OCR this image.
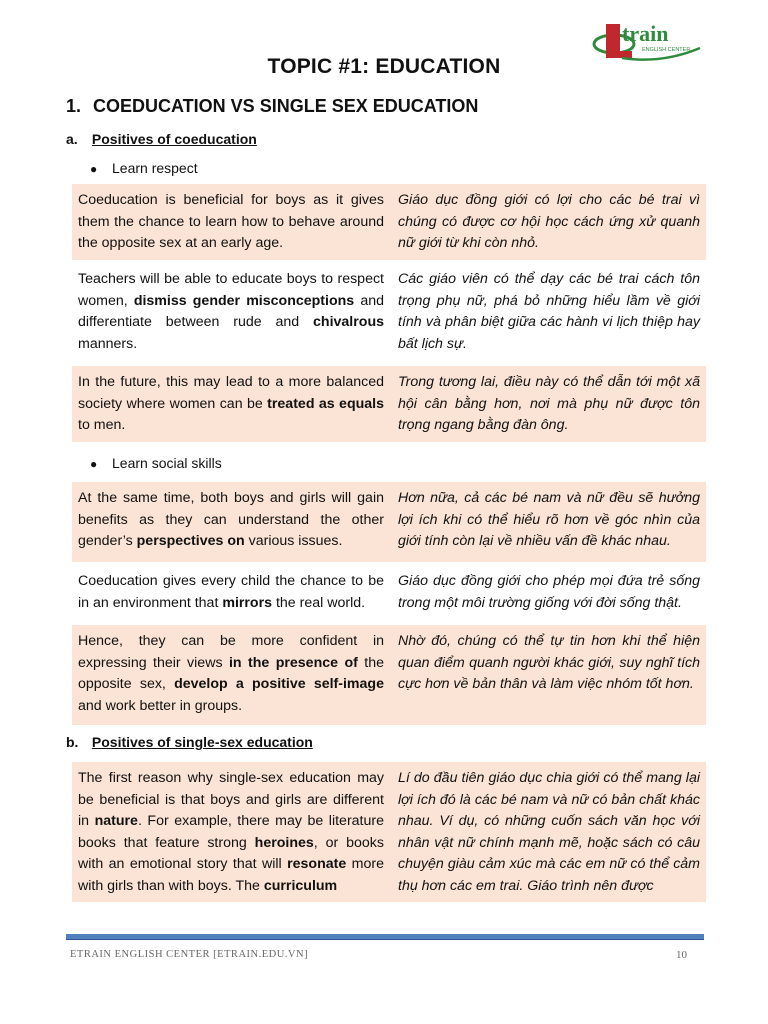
train
ENGLISH CENTER
TOPIC #1: EDUCATION
1. COEDUCATION VS SINGLE SEX EDUCATION
a. Positives of coeducation
● Learn respect
Coeducation is beneficial for boys as it gives them the chance to learn how to behave around the opposite sex at an early age.
Giáo dục đồng giới có lợi cho các bé trai vì chúng có được cơ hội học cách ứng xử quanh nữ giới từ khi còn nhỏ.
Teachers will be able to educate boys to respect women, dismiss gender misconceptions and differentiate between rude and chivalrous manners.
Các giáo viên có thể dạy các bé trai cách tôn trọng phụ nữ, phá bỏ những hiểu lầm về giới tính và phân biệt giữa các hành vi lịch thiệp hay bất lịch sự.
In the future, this may lead to a more balanced society where women can be treated as equals to men.
Trong tương lai, điều này có thể dẫn tới một xã hội cân bằng hơn, nơi mà phụ nữ được tôn trọng ngang bằng đàn ông.
● Learn social skills
At the same time, both boys and girls will gain benefits as they can understand the other gender’s perspectives on various issues.
Hơn nữa, cả các bé nam và nữ đều sẽ hưởng lợi ích khi có thể hiểu rõ hơn về góc nhìn của giới tính còn lại về nhiều vấn đề khác nhau.
Coeducation gives every child the chance to be in an environment that mirrors the real world.
Giáo dục đồng giới cho phép mọi đứa trẻ sống trong một môi trường giống với đời sống thật.
Hence, they can be more confident in expressing their views in the presence of the opposite sex, develop a positive self-image and work better in groups.
Nhờ đó, chúng có thể tự tin hơn khi thể hiện quan điểm quanh người khác giới, suy nghĩ tích cực hơn về bản thân và làm việc nhóm tốt hơn.
b. Positives of single-sex education
The first reason why single-sex education may be beneficial is that boys and girls are different in nature. For example, there may be literature books that feature strong heroines, or books with an emotional story that will resonate more with girls than with boys. The curriculum
Lí do đầu tiên giáo dục chia giới có thể mang lại lợi ích đó là các bé nam và nữ có bản chất khác nhau. Ví dụ, có những cuốn sách văn học với nhân vật nữ chính mạnh mẽ, hoặc sách có câu chuyện giàu cảm xúc mà các em nữ có thể cảm thụ hơn các em trai. Giáo trình nên được
ETRAIN ENGLISH CENTER [ETRAIN.EDU.VN]	10
